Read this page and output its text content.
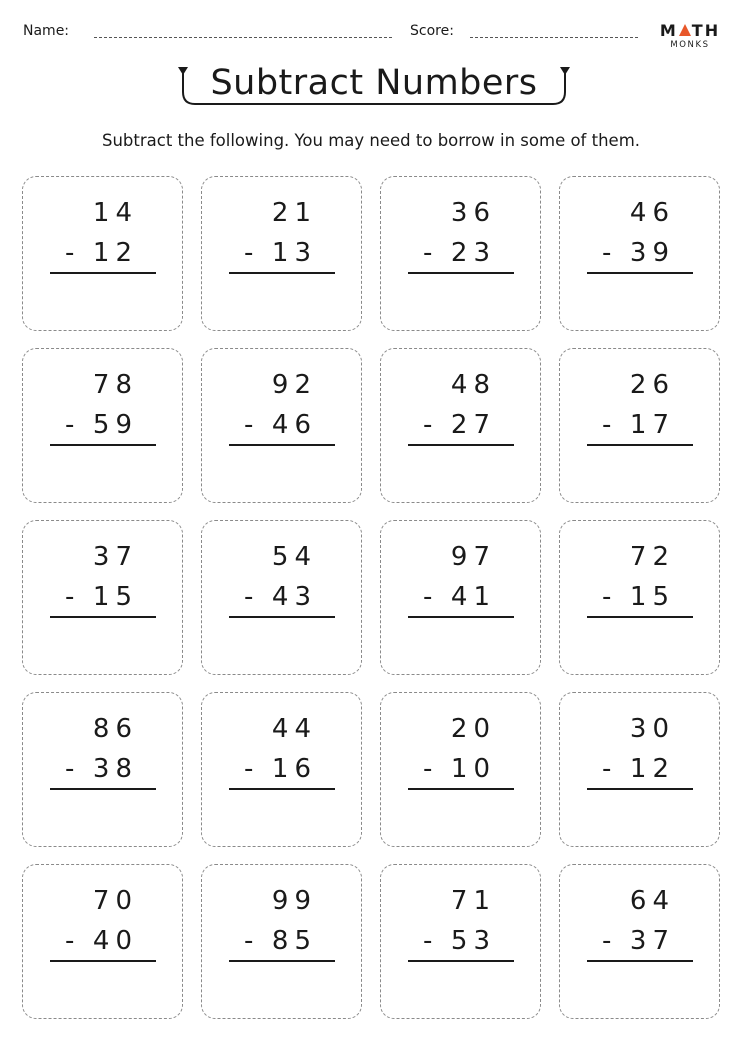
Name:	Score:	M TH
MONKS
Subtract Numbers
Subtract the following. You may need to borrow in some of them.
14
- 12
21
- 13
36
- 23
46
- 39
78
- 59
92
- 46
48
- 27
26
- 17
37
- 15
54
- 43
97
- 41
72
- 15
86
- 38
44
- 16
20
- 10
30
- 12
70
- 40
99
- 85
71
- 53
64
- 37
